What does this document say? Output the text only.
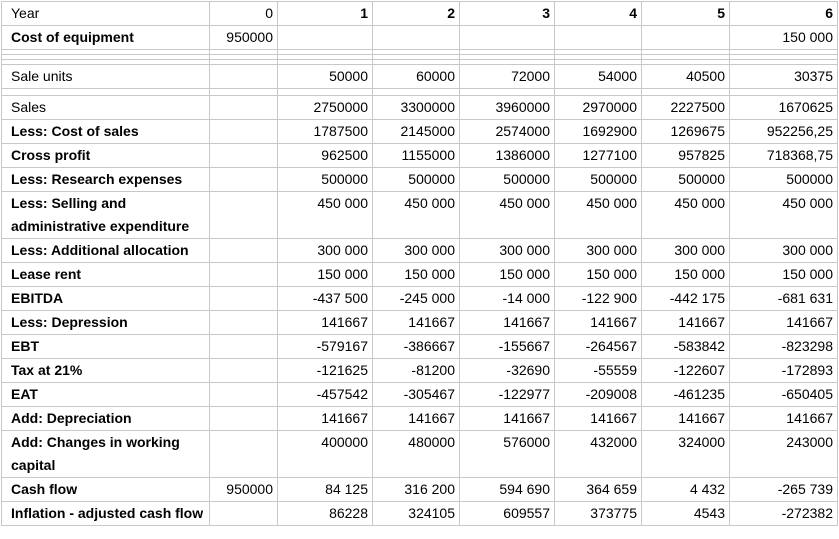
Year	0	1	2	3	4	5	6
Cost of equipment	950000						150 000

Sale units		50000	60000	72000	54000	40500	30375

Sales		2750000	3300000	3960000	2970000	2227500	1670625
Less: Cost of sales		1787500	2145000	2574000	1692900	1269675	952256,25
Cross profit		962500	1155000	1386000	1277100	957825	718368,75
Less: Research expenses		500000	500000	500000	500000	500000	500000
Less: Selling and administrative expenditure		450 000	450 000	450 000	450 000	450 000	450 000
Less: Additional allocation		300 000	300 000	300 000	300 000	300 000	300 000
Lease rent		150 000	150 000	150 000	150 000	150 000	150 000
EBITDA		-437 500	-245 000	-14 000	-122 900	-442 175	-681 631
Less: Depression		141667	141667	141667	141667	141667	141667
EBT		-579167	-386667	-155667	-264567	-583842	-823298
Tax at 21%		-121625	-81200	-32690	-55559	-122607	-172893
EAT		-457542	-305467	-122977	-209008	-461235	-650405
Add: Depreciation		141667	141667	141667	141667	141667	141667
Add: Changes in working capital		400000	480000	576000	432000	324000	243000
Cash flow	950000	84 125	316 200	594 690	364 659	4 432	-265 739
Inflation - adjusted cash flow		86228	324105	609557	373775	4543	-272382
